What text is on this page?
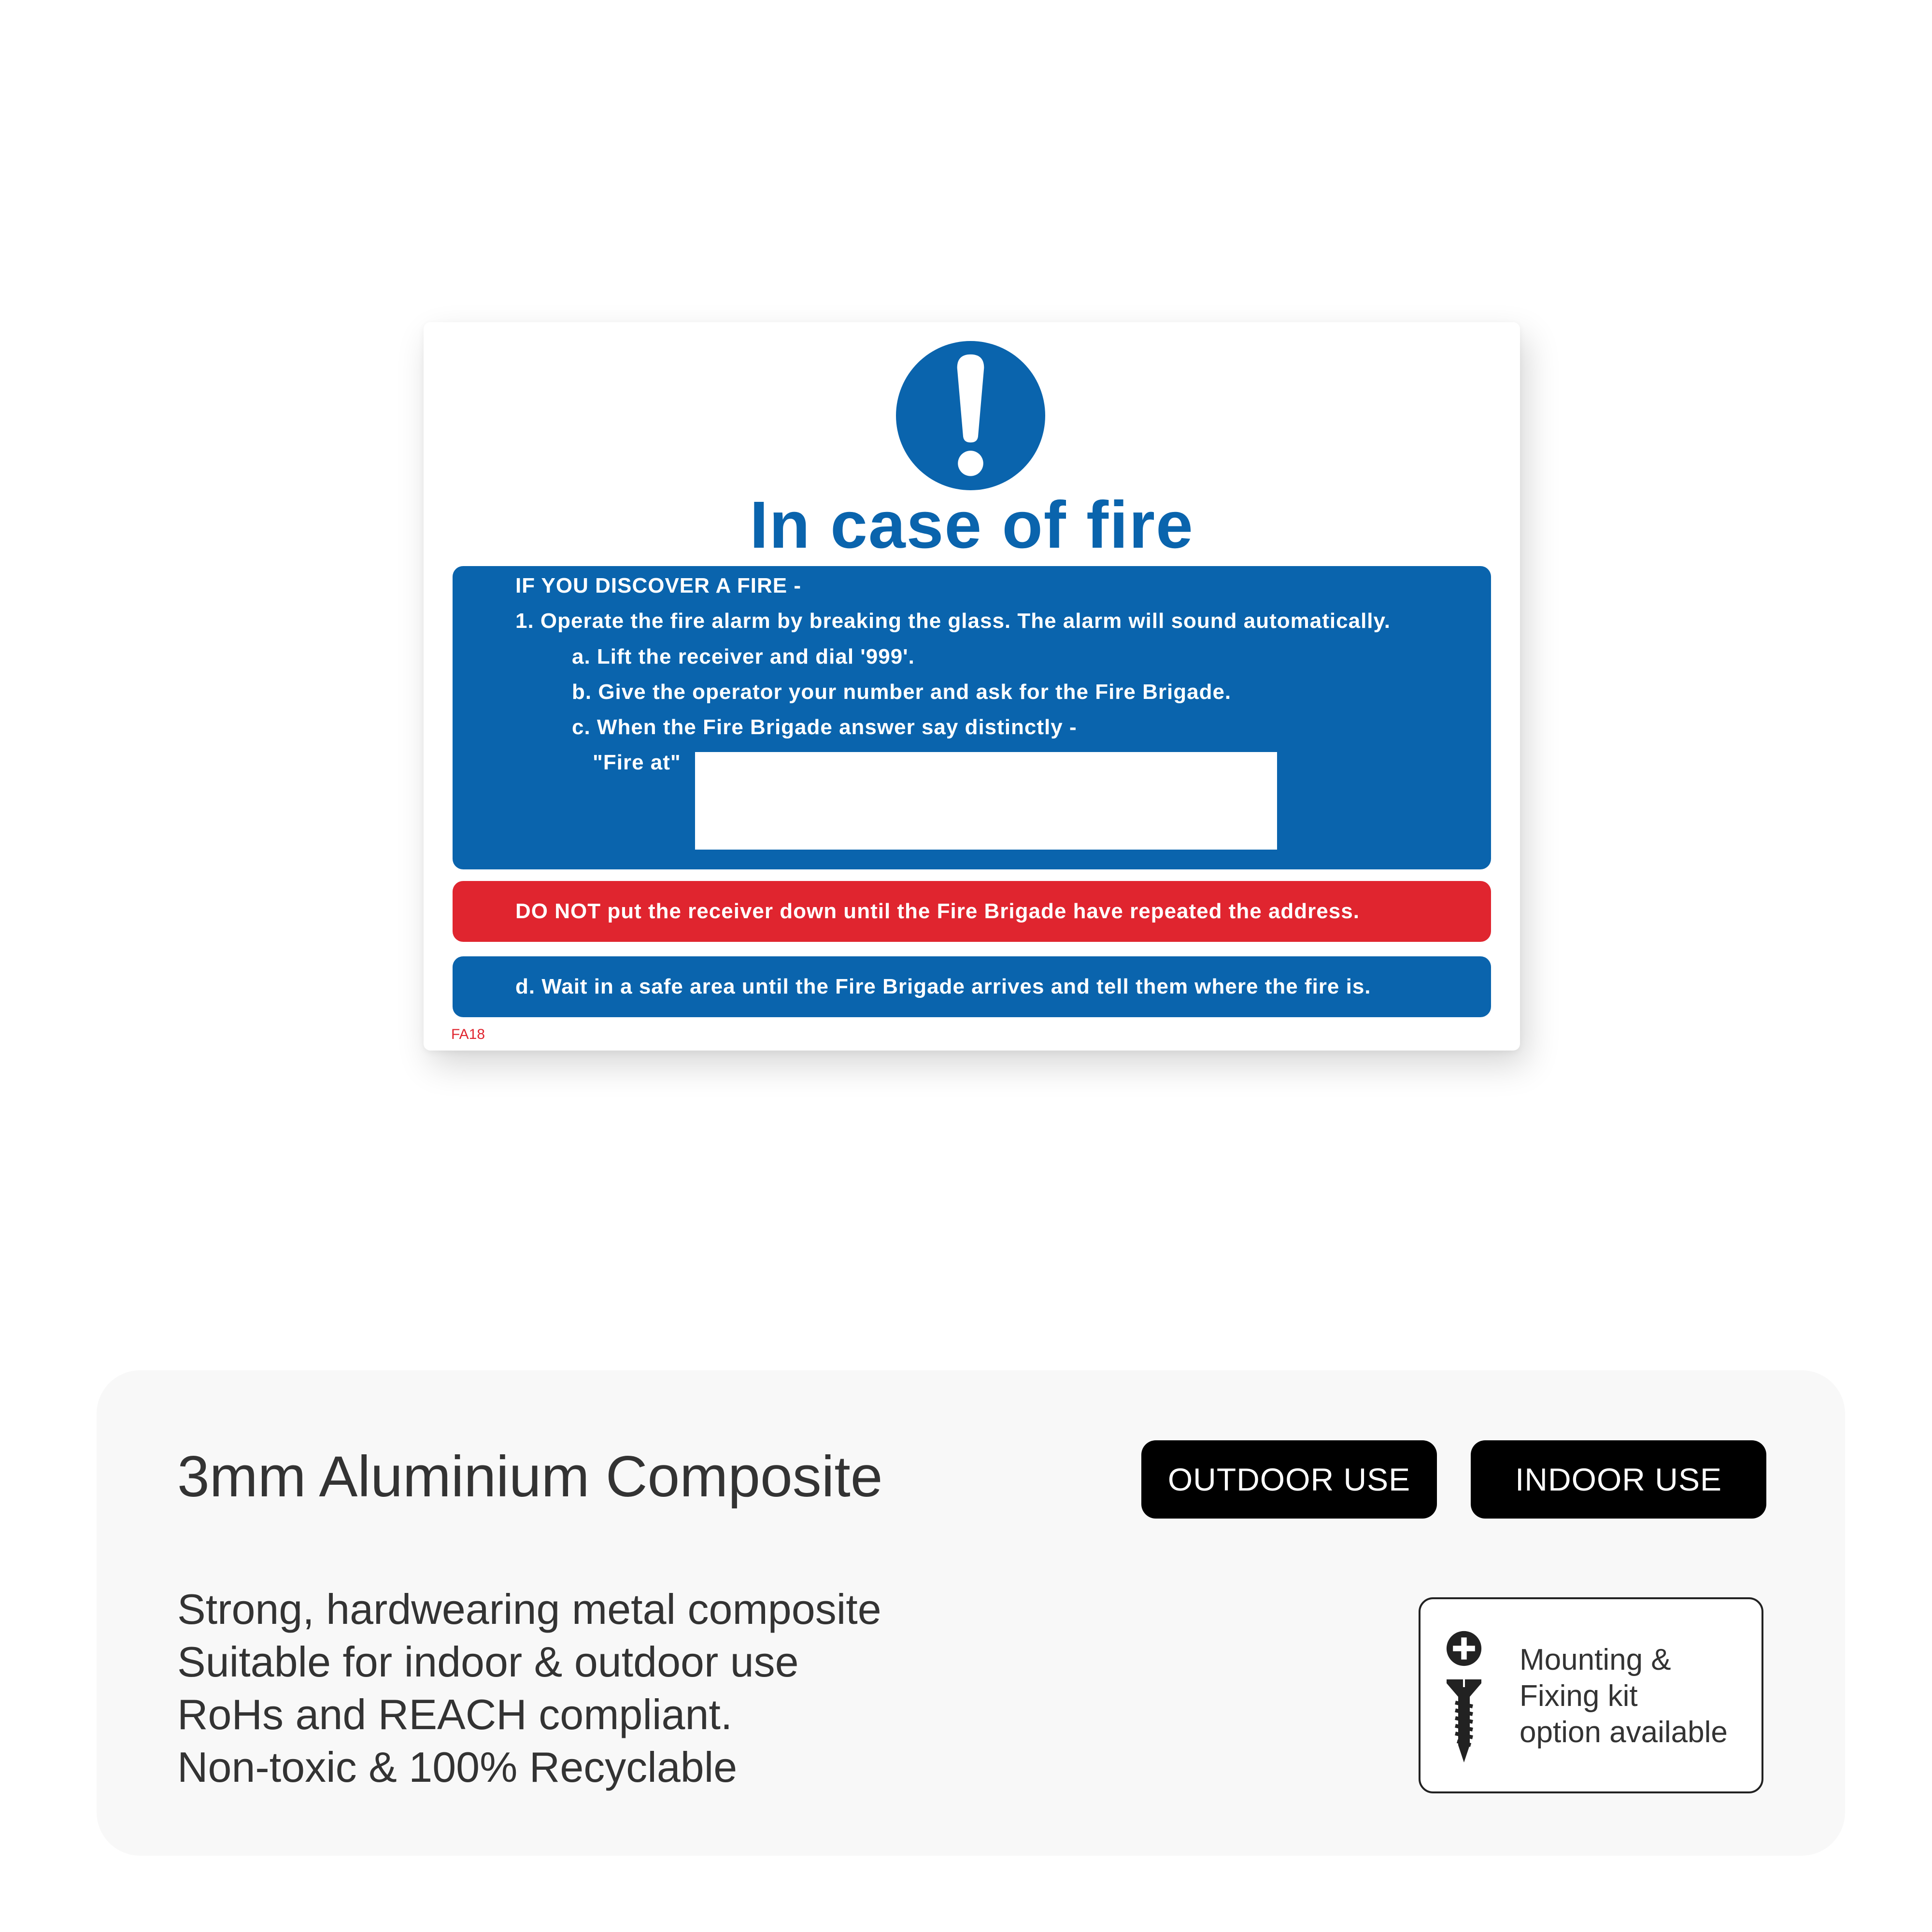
In case of fire
IF YOU DISCOVER A FIRE -
1. Operate the fire alarm by breaking the glass. The alarm will sound automatically.
a. Lift the receiver and dial '999'.
b. Give the operator your number and ask for the Fire Brigade.
c. When the Fire Brigade answer say distinctly -
"Fire at"
DO NOT put the receiver down until the Fire Brigade have repeated the address.
d. Wait in a safe area until the Fire Brigade arrives and tell them where the fire is.
FA18
3mm Aluminium Composite	OUTDOOR USE	INDOOR USE
Strong, hardwearing metal composite
Suitable for indoor & outdoor use
RoHs and REACH compliant.
Non-toxic & 100% Recyclable
Mounting &
Fixing kit
option available
